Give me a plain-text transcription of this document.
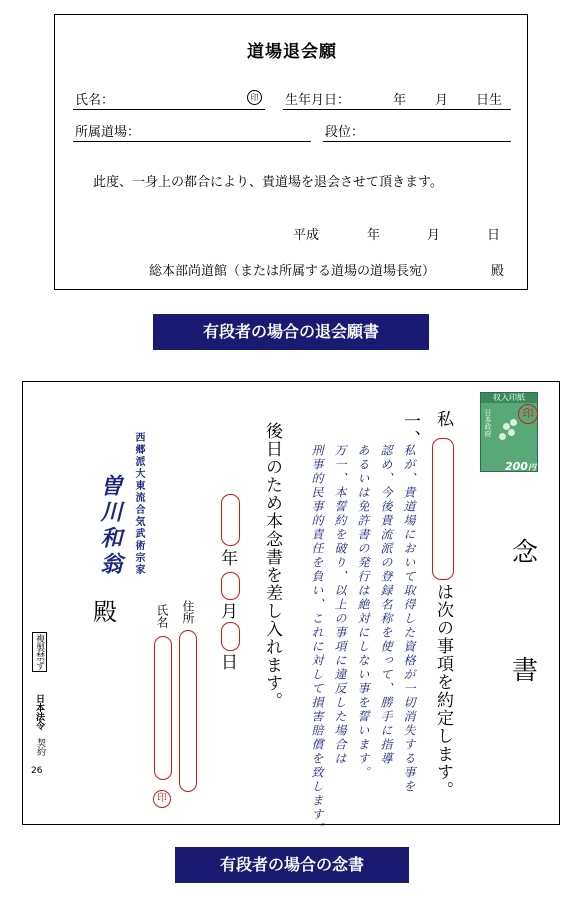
道場退会願
氏名：	印 生年月日：	年 月 日生
所属道場：	段位：
此度、一身上の都合により、貴道場を退会させて頂きます。
平成	年	月	日
総本部尚道館（または所属する道場の道場長宛）	殿
有段者の場合の退会願書
収入印紙
日本政府
200円
印
念
書
私
は次の事項を約定します。
一、
私が、貴道場において取得した資格が一切消失する事を
認め、今後貴流派の登録名称を使って、勝手に指導
あるいは免許書の発行は絶対にしない事を誓います。
万一、本誓約を破り、以上の事項に違反した場合は
刑事的民事的責任を負い、これに対して損害賠償を致します。
後日のため本念書を差し入れます。
年
月
日
住所
氏名
印
西郷派大東流合気武術宗家
曽川和翁
殿
複製禁ず
日本法令
契約
26
有段者の場合の念書
